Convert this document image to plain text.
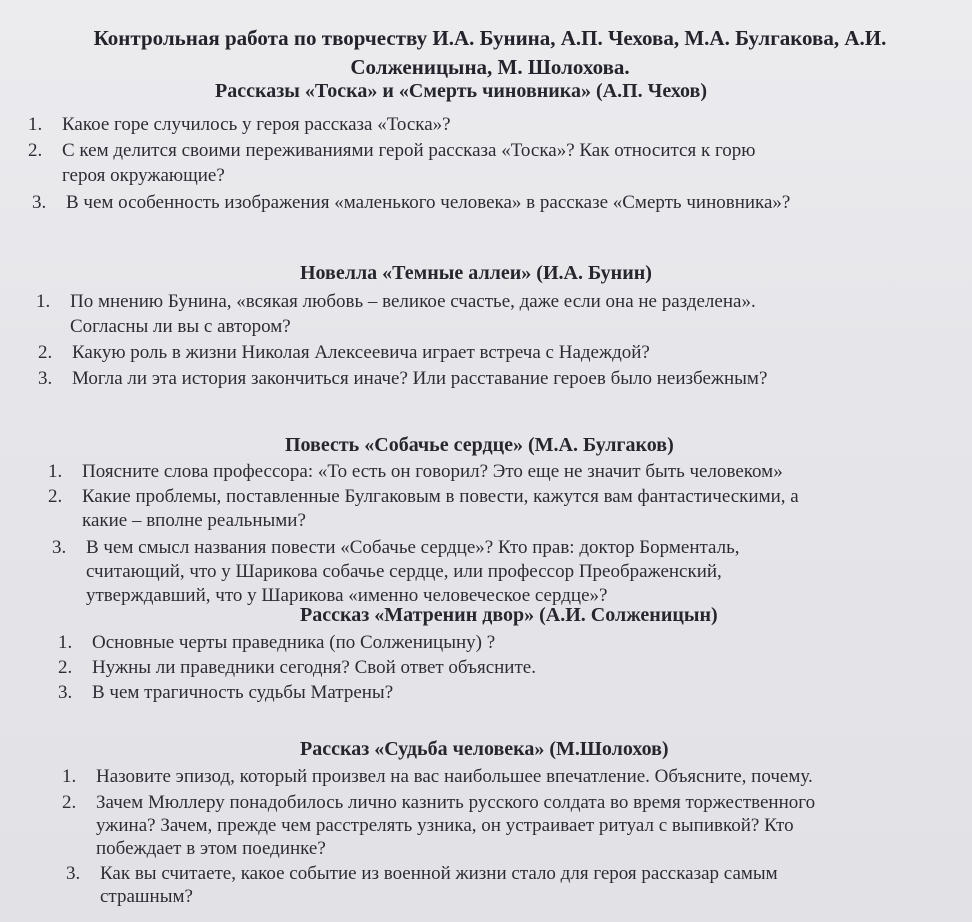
Контрольная работа по творчеству И.А. Бунина, А.П. Чехова, М.А. Булгакова, А.И.
Солженицына, М. Шолохова.
Рассказы «Тоска» и «Смерть чиновника» (А.П. Чехов)
1. Какое горе случилось у героя рассказа «Тоска»?
2. С кем делится своими переживаниями герой рассказа «Тоска»? Как относится к горю
героя окружающие?
3. В чем особенность изображения «маленького человека» в рассказе «Смерть чиновника»?
Новелла «Темные аллеи» (И.А. Бунин)
1. По мнению Бунина, «всякая любовь – великое счастье, даже если она не разделена».
Согласны ли вы с автором?
2. Какую роль в жизни Николая Алексеевича играет встреча с Надеждой?
3. Могла ли эта история закончиться иначе? Или расставание героев было неизбежным?
Повесть «Собачье сердце» (М.А. Булгаков)
1. Поясните слова профессора: «То есть он говорил? Это еще не значит быть человеком»
2. Какие проблемы, поставленные Булгаковым в повести, кажутся вам фантастическими, а
какие – вполне реальными?
3. В чем смысл названия повести «Собачье сердце»? Кто прав: доктор Борменталь,
считающий, что у Шарикова собачье сердце, или профессор Преображенский,
утверждавший, что у Шарикова «именно человеческое сердце»?
Рассказ «Матренин двор» (А.И. Солженицын)
1. Основные черты праведника (по Солженицыну) ?
2. Нужны ли праведники сегодня? Свой ответ объясните.
3. В чем трагичность судьбы Матрены?
Рассказ «Судьба человека» (М.Шолохов)
1. Назовите эпизод, который произвел на вас наибольшее впечатление. Объясните, почему.
2. Зачем Мюллеру понадобилось лично казнить русского солдата во время торжественного
ужина? Зачем, прежде чем расстрелять узника, он устраивает ритуал с выпивкой? Кто
побеждает в этом поединке?
3. Как вы считаете, какое событие из военной жизни стало для героя рассказар самым
страшным?
